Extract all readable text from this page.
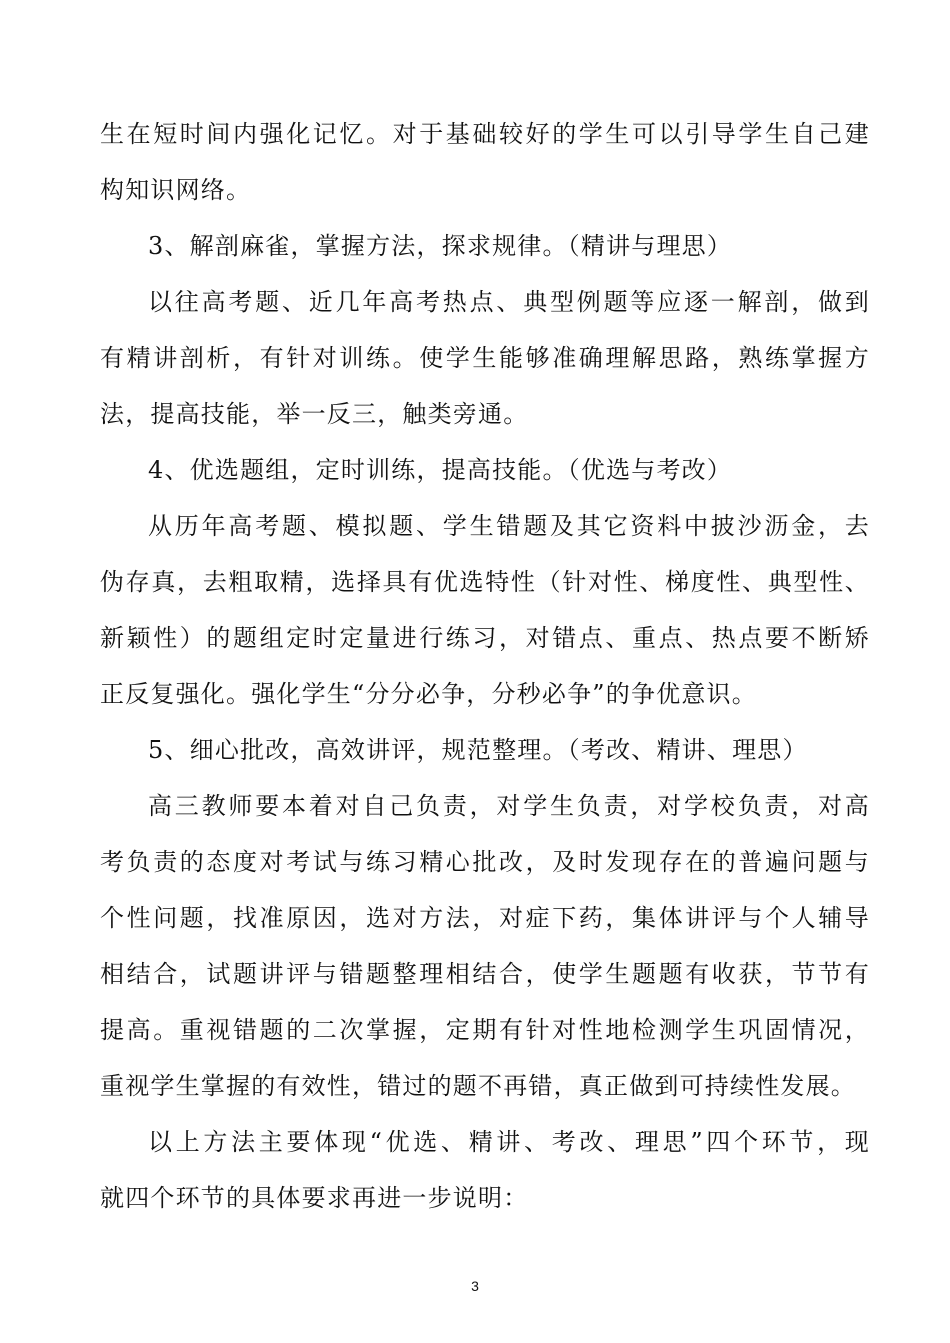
生在短时间内强化记忆。对于基础较好的学生可以引导学生自己建
构知识网络。
3、解剖麻雀，掌握方法，探求规律。（精讲与理思）
以往高考题、近几年高考热点、典型例题等应逐一解剖，做到
有精讲剖析，有针对训练。使学生能够准确理解思路，熟练掌握方
法，提高技能，举一反三，触类旁通。
4、优选题组，定时训练，提高技能。（优选与考改）
从历年高考题、模拟题、学生错题及其它资料中披沙沥金，去
伪存真，去粗取精，选择具有优选特性（针对性、梯度性、典型性、
新颖性）的题组定时定量进行练习，对错点、重点、热点要不断矫
正反复强化。强化学生“分分必争，分秒必争”的争优意识。
5、细心批改，高效讲评，规范整理。（考改、精讲、理思）
高三教师要本着对自己负责，对学生负责，对学校负责，对高
考负责的态度对考试与练习精心批改，及时发现存在的普遍问题与
个性问题，找准原因，选对方法，对症下药，集体讲评与个人辅导
相结合，试题讲评与错题整理相结合，使学生题题有收获，节节有
提高。重视错题的二次掌握，定期有针对性地检测学生巩固情况，
重视学生掌握的有效性，错过的题不再错，真正做到可持续性发展。
以上方法主要体现“优选、精讲、考改、理思”四个环节，现
就四个环节的具体要求再进一步说明：
3
